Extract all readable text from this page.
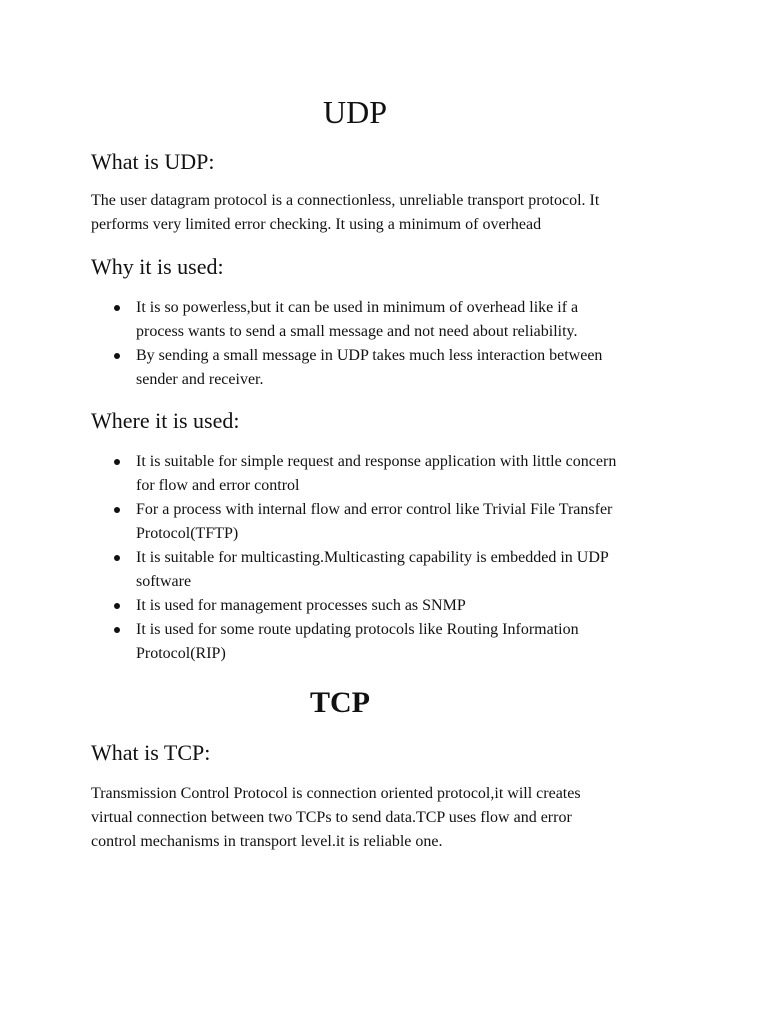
UDP
What is UDP:

The user datagram protocol is a connectionless, unreliable transport protocol. It
performs very limited error checking. It using a minimum of overhead

Why it is used:
It is so powerless,but it can be used in minimum of overhead like if a
process wants to send a small message and not need about reliability.
By sending a small message in UDP takes much less interaction between
sender and receiver.
Where it is used:
It is suitable for simple request and response application with little concern
for flow and error control
For a process with internal flow and error control like Trivial File Transfer
Protocol(TFTP)
It is suitable for multicasting.Multicasting capability is embedded in UDP
software
It is used for management processes such as SNMP
It is used for some route updating protocols like Routing Information
Protocol(RIP)
TCP
What is TCP:

Transmission Control Protocol is connection oriented protocol,it will creates
virtual connection between two TCPs to send data.TCP uses flow and error
control mechanisms in transport level.it is reliable one.
